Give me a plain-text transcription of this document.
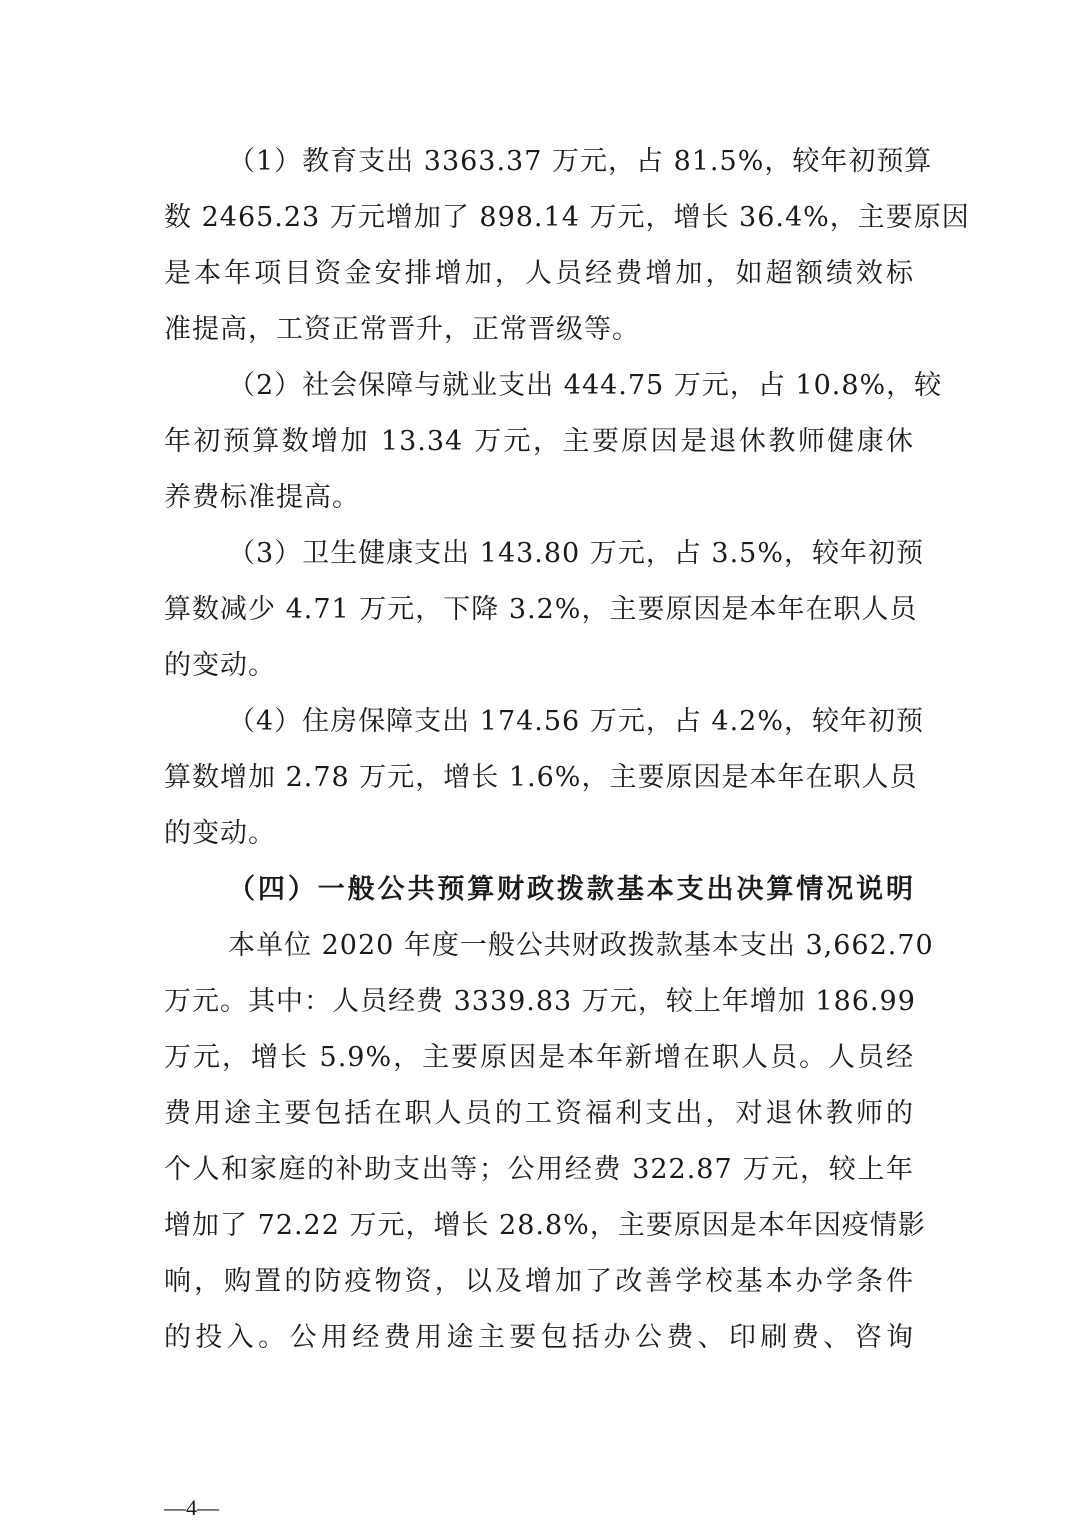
（1）教育支出 3363.37 万元，占 81.5%，较年初预算
数 2465.23 万元增加了 898.14 万元，增长 36.4%，主要原因
是本年项目资金安排增加，人员经费增加，如超额绩效标
准提高，工资正常晋升，正常晋级等。
（2）社会保障与就业支出 444.75 万元，占 10.8%，较
年初预算数增加 13.34 万元，主要原因是退休教师健康休
养费标准提高。
（3）卫生健康支出 143.80 万元，占 3.5%，较年初预
算数减少 4.71 万元，下降 3.2%，主要原因是本年在职人员
的变动。
（4）住房保障支出 174.56 万元，占 4.2%，较年初预
算数增加 2.78 万元，增长 1.6%，主要原因是本年在职人员
的变动。
（四）一般公共预算财政拨款基本支出决算情况说明
本单位 2020 年度一般公共财政拨款基本支出 3,662.70
万元。其中：人员经费 3339.83 万元，较上年增加 186.99
万元，增长 5.9%，主要原因是本年新增在职人员。人员经
费用途主要包括在职人员的工资福利支出，对退休教师的
个人和家庭的补助支出等；公用经费 322.87 万元，较上年
增加了 72.22 万元，增长 28.8%，主要原因是本年因疫情影
响，购置的防疫物资，以及增加了改善学校基本办学条件
的投入。公用经费用途主要包括办公费、印刷费、咨询
—4—
